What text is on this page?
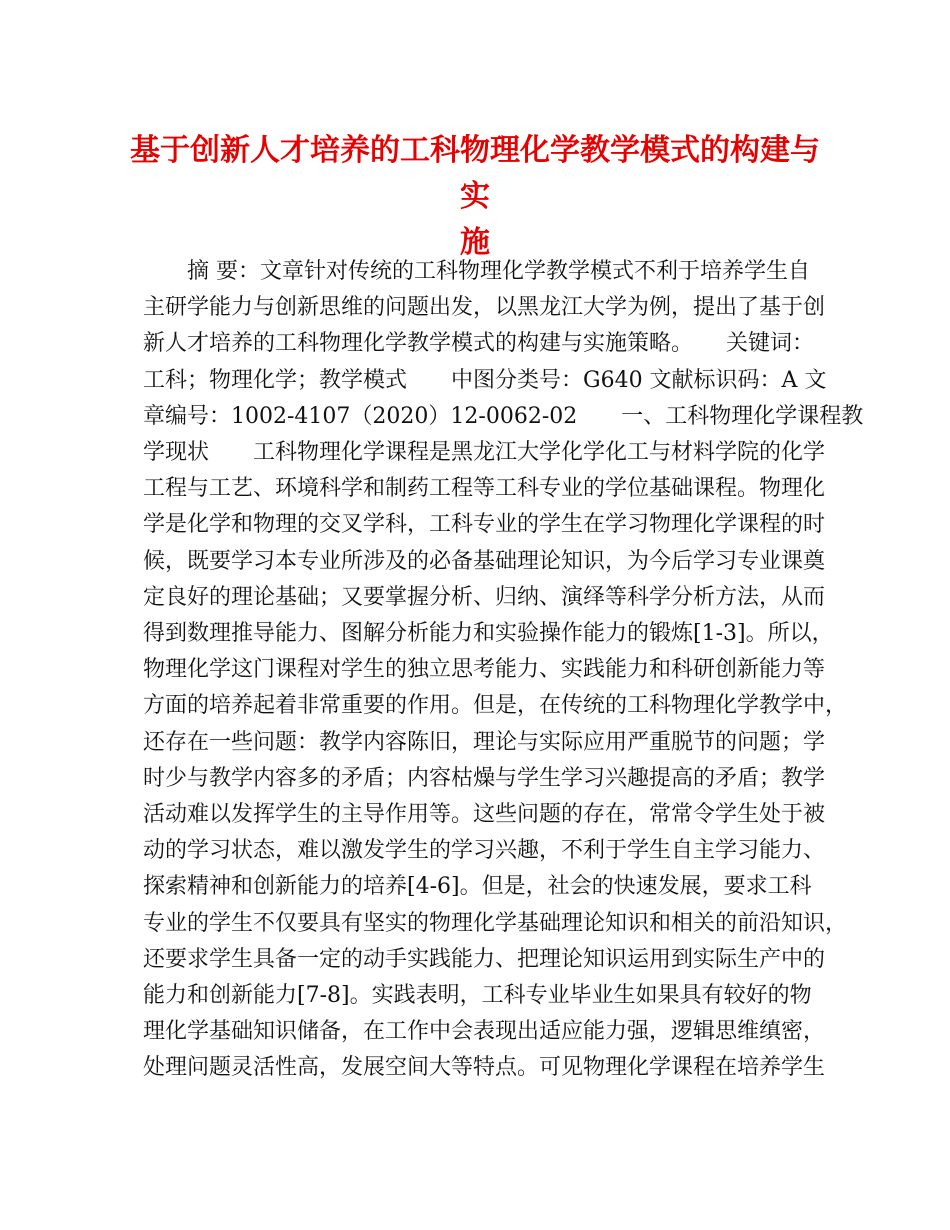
基于创新人才培养的工科物理化学教学模式的构建与实
施
摘 要：文章针对传统的工科物理化学教学模式不利于培养学生自
主研学能力与创新思维的问题出发，以黑龙江大学为例，提出了基于创
新人才培养的工科物理化学教学模式的构建与实施策略。　　关键词：
工科；物理化学；教学模式　　中图分类号：G640 文献标识码：A 文
章编号：1002-4107（2020）12-0062-02　　一、工科物理化学课程教
学现状　　工科物理化学课程是黑龙江大学化学化工与材料学院的化学
工程与工艺、环境科学和制药工程等工科专业的学位基础课程。物理化
学是化学和物理的交叉学科，工科专业的学生在学习物理化学课程的时
候，既要学习本专业所涉及的必备基础理论知识，为今后学习专业课奠
定良好的理论基础；又要掌握分析、归纳、演绎等科学分析方法，从而
得到数理推导能力、图解分析能力和实验操作能力的锻炼[1-3]。所以，
物理化学这门课程对学生的独立思考能力、实践能力和科研创新能力等
方面的培养起着非常重要的作用。但是，在传统的工科物理化学教学中，
还存在一些问题：教学内容陈旧，理论与实际应用严重脱节的问题；学
时少与教学内容多的矛盾；内容枯燥与学生学习兴趣提高的矛盾；教学
活动难以发挥学生的主导作用等。这些问题的存在，常常令学生处于被
动的学习状态，难以激发学生的学习兴趣，不利于学生自主学习能力、
探索精神和创新能力的培养[4-6]。但是，社会的快速发展，要求工科
专业的学生不仅要具有坚实的物理化学基础理论知识和相关的前沿知识，
还要求学生具备一定的动手实践能力、把理论知识运用到实际生产中的
能力和创新能力[7-8]。实践表明，工科专业毕业生如果具有较好的物
理化学基础知识储备，在工作中会表现出适应能力强，逻辑思维缜密，
处理问题灵活性高，发展空间大等特点。可见物理化学课程在培养学生
